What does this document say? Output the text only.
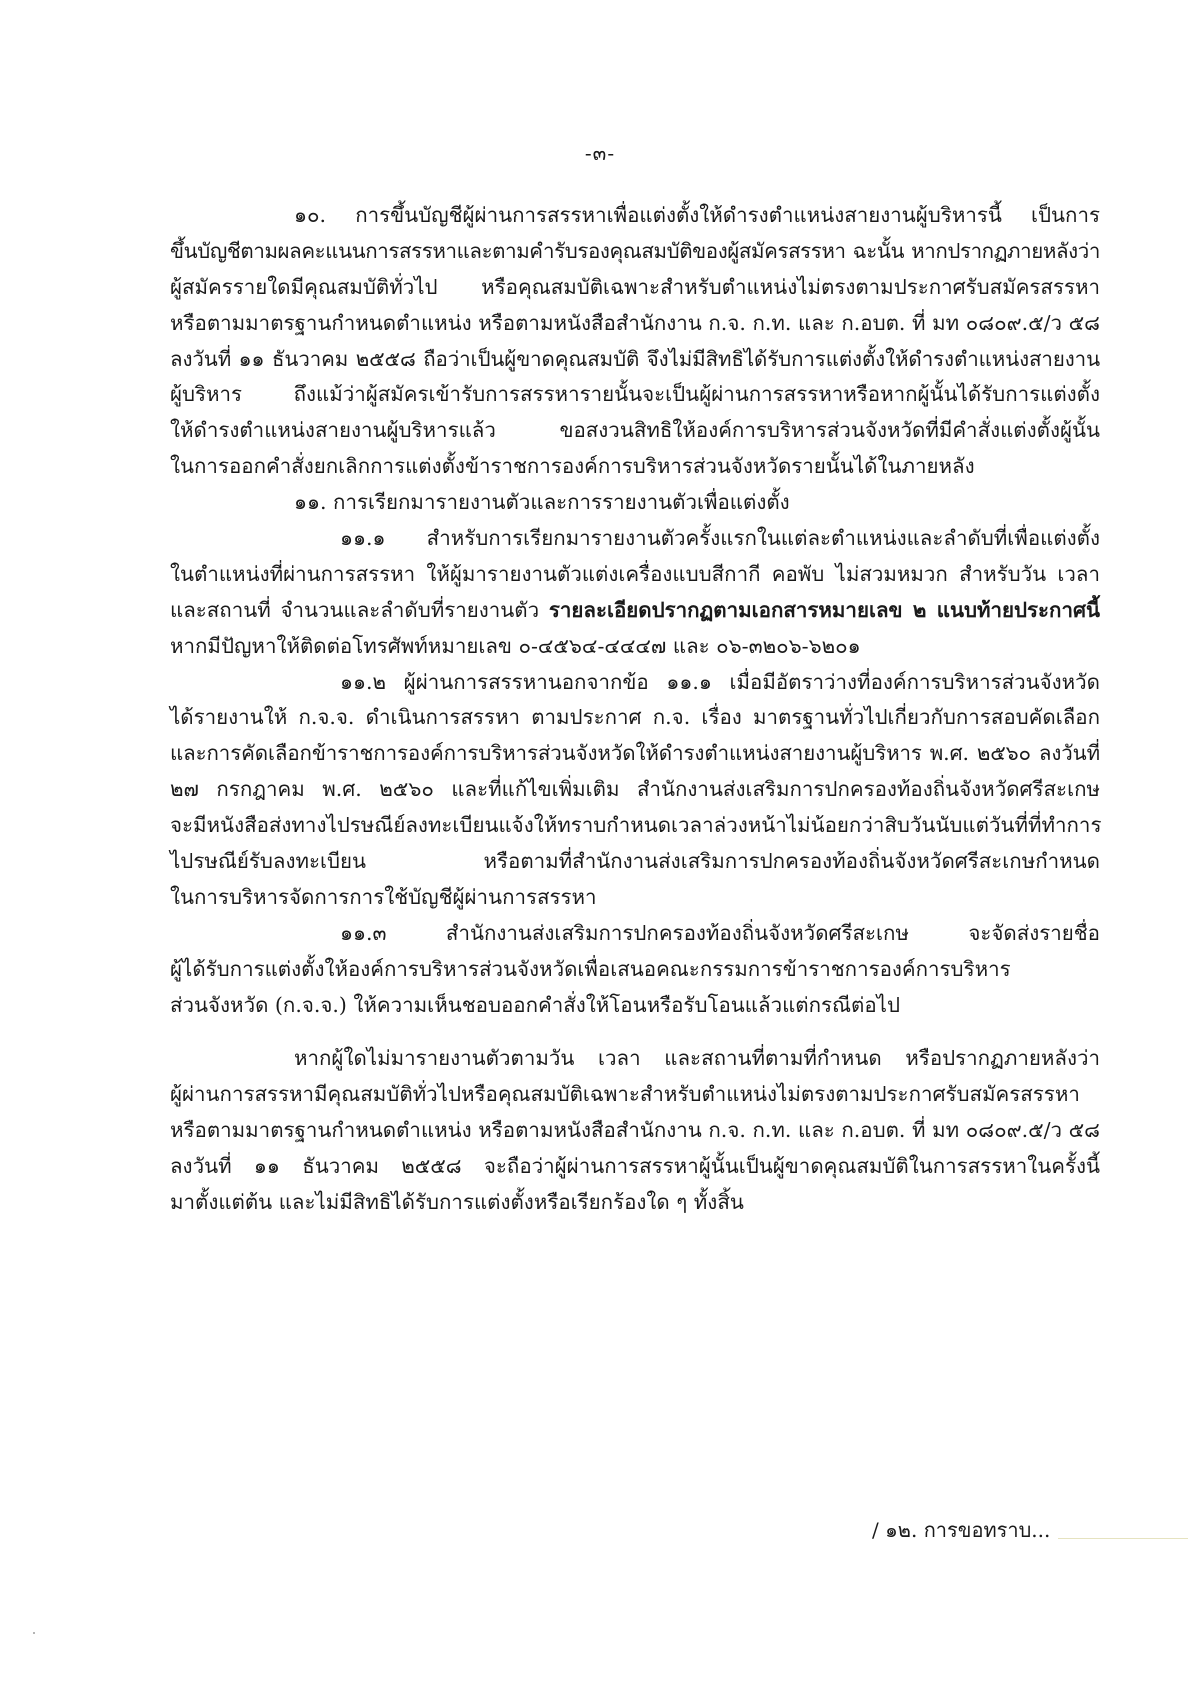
-๓-
๑๐. การขึ้นบัญชีผู้ผ่านการสรรหาเพื่อแต่งตั้งให้ดำรงตำแหน่งสายงานผู้บริหารนี้ เป็นการ
ขึ้นบัญชีตามผลคะแนนการสรรหาและตามคำรับรองคุณสมบัติของผู้สมัครสรรหา ฉะนั้น หากปรากฏภายหลังว่า
ผู้สมัครรายใดมีคุณสมบัติทั่วไป หรือคุณสมบัติเฉพาะสำหรับตำแหน่งไม่ตรงตามประกาศรับสมัครสรรหา
หรือตามมาตรฐานกำหนดตำแหน่ง หรือตามหนังสือสำนักงาน ก.จ. ก.ท. และ ก.อบต. ที่ มท ๐๘๐๙.๕/ว ๕๘
ลงวันที่ ๑๑ ธันวาคม ๒๕๕๘ ถือว่าเป็นผู้ขาดคุณสมบัติ จึงไม่มีสิทธิได้รับการแต่งตั้งให้ดำรงตำแหน่งสายงาน
ผู้บริหาร ถึงแม้ว่าผู้สมัครเข้ารับการสรรหารายนั้นจะเป็นผู้ผ่านการสรรหาหรือหากผู้นั้นได้รับการแต่งตั้ง
ให้ดำรงตำแหน่งสายงานผู้บริหารแล้ว ขอสงวนสิทธิให้องค์การบริหารส่วนจังหวัดที่มีคำสั่งแต่งตั้งผู้นั้น
ในการออกคำสั่งยกเลิกการแต่งตั้งข้าราชการองค์การบริหารส่วนจังหวัดรายนั้นได้ในภายหลัง
๑๑. การเรียกมารายงานตัวและการรายงานตัวเพื่อแต่งตั้ง
๑๑.๑ สำหรับการเรียกมารายงานตัวครั้งแรกในแต่ละตำแหน่งและลำดับที่เพื่อแต่งตั้ง
ในตำแหน่งที่ผ่านการสรรหา ให้ผู้มารายงานตัวแต่งเครื่องแบบสีกากี คอพับ ไม่สวมหมวก สำหรับวัน เวลา
และสถานที่ จำนวนและลำดับที่รายงานตัว รายละเอียดปรากฏตามเอกสารหมายเลข ๒ แนบท้ายประกาศนี้
หากมีปัญหาให้ติดต่อโทรศัพท์หมายเลข ๐-๔๕๖๔-๔๔๔๗ และ ๐๖-๓๒๐๖-๖๒๐๑
๑๑.๒ ผู้ผ่านการสรรหานอกจากข้อ ๑๑.๑ เมื่อมีอัตราว่างที่องค์การบริหารส่วนจังหวัด
ได้รายงานให้ ก.จ.จ. ดำเนินการสรรหา ตามประกาศ ก.จ. เรื่อง มาตรฐานทั่วไปเกี่ยวกับการสอบคัดเลือก
และการคัดเลือกข้าราชการองค์การบริหารส่วนจังหวัดให้ดำรงตำแหน่งสายงานผู้บริหาร พ.ศ. ๒๕๖๐ ลงวันที่
๒๗ กรกฎาคม พ.ศ. ๒๕๖๐ และที่แก้ไขเพิ่มเติม สำนักงานส่งเสริมการปกครองท้องถิ่นจังหวัดศรีสะเกษ
จะมีหนังสือส่งทางไปรษณีย์ลงทะเบียนแจ้งให้ทราบกำหนดเวลาล่วงหน้าไม่น้อยกว่าสิบวันนับแต่วันที่ที่ทำการ
ไปรษณีย์รับลงทะเบียน หรือตามที่สำนักงานส่งเสริมการปกครองท้องถิ่นจังหวัดศรีสะเกษกำหนด
ในการบริหารจัดการการใช้บัญชีผู้ผ่านการสรรหา
๑๑.๓ สำนักงานส่งเสริมการปกครองท้องถิ่นจังหวัดศรีสะเกษ จะจัดส่งรายชื่อ
ผู้ได้รับการแต่งตั้งให้องค์การบริหารส่วนจังหวัดเพื่อเสนอคณะกรรมการข้าราชการองค์การบริหาร
ส่วนจังหวัด (ก.จ.จ.) ให้ความเห็นชอบออกคำสั่งให้โอนหรือรับโอนแล้วแต่กรณีต่อไป
หากผู้ใดไม่มารายงานตัวตามวัน เวลา และสถานที่ตามที่กำหนด หรือปรากฏภายหลังว่า
ผู้ผ่านการสรรหามีคุณสมบัติทั่วไปหรือคุณสมบัติเฉพาะสำหรับตำแหน่งไม่ตรงตามประกาศรับสมัครสรรหา
หรือตามมาตรฐานกำหนดตำแหน่ง หรือตามหนังสือสำนักงาน ก.จ. ก.ท. และ ก.อบต. ที่ มท ๐๘๐๙.๕/ว ๕๘
ลงวันที่ ๑๑ ธันวาคม ๒๕๕๘ จะถือว่าผู้ผ่านการสรรหาผู้นั้นเป็นผู้ขาดคุณสมบัติในการสรรหาในครั้งนี้
มาตั้งแต่ต้น และไม่มีสิทธิได้รับการแต่งตั้งหรือเรียกร้องใด ๆ ทั้งสิ้น
/ ๑๒. การขอทราบ...
